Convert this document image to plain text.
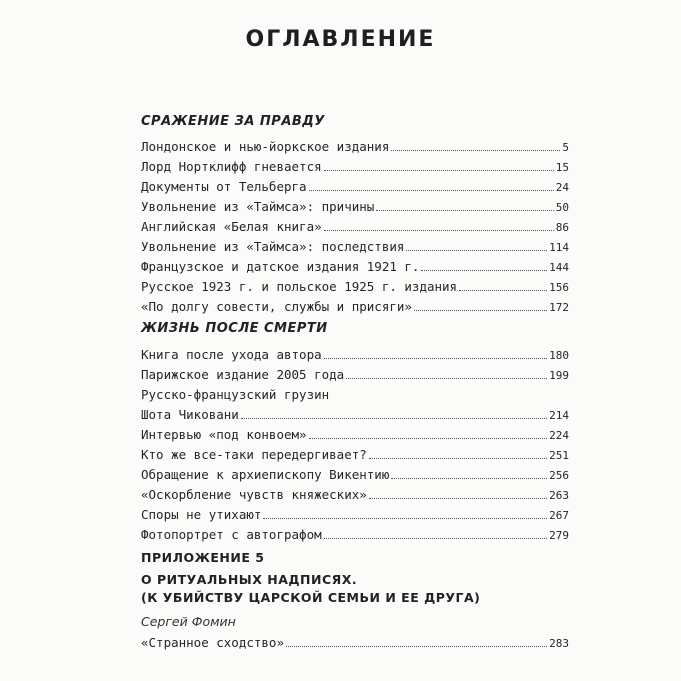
ОГЛАВЛЕНИЕ
СРАЖЕНИЕ ЗА ПРАВДУ
Лондонское и нью-йоркское издания	5
Лорд Нортклифф гневается	15
Документы от Тельберга	24
Увольнение из «Таймса»: причины	50
Английская «Белая книга»	86
Увольнение из «Таймса»: последствия	114
Французское и датское издания 1921 г.	144
Русское 1923 г. и польское 1925 г. издания	156
«По долгу совести, службы и присяги»	172
ЖИЗНЬ ПОСЛЕ СМЕРТИ
Книга после ухода автора	180
Парижское издание 2005 года	199
Русско-французский грузин
Шота Чиковани	214
Интервью «под конвоем»	224
Кто же все-таки передергивает?	251
Обращение к архиепископу Викентию	256
«Оскорбление чувств княжеских»	263
Споры не утихают	267
Фотопортрет с автографом	279
ПРИЛОЖЕНИЕ 5
О РИТУАЛЬНЫХ НАДПИСЯХ.
(К УБИЙСТВУ ЦАРСКОЙ СЕМЬИ И ЕЕ ДРУГА)
Сергей Фомин
«Странное сходство»	283
